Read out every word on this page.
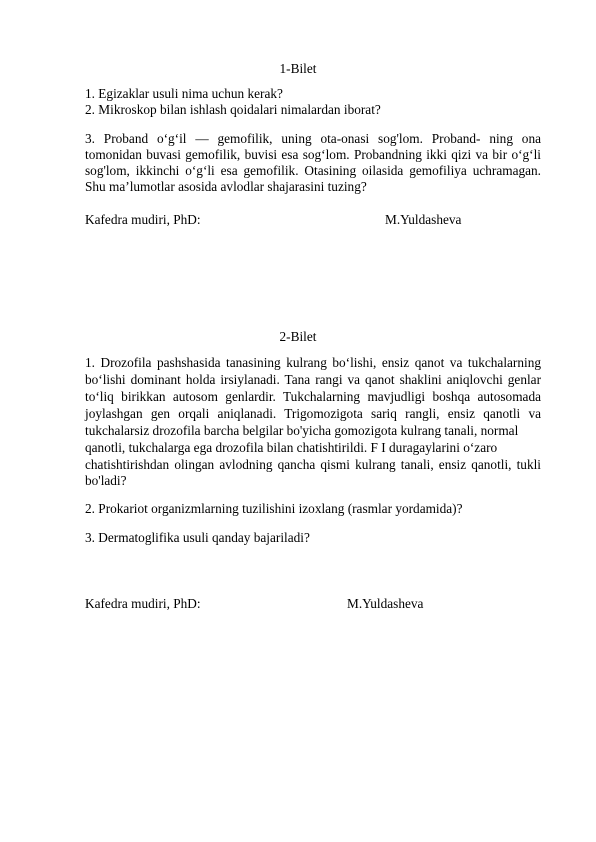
1-Bilet
1. Egizaklar usuli nima uchun kerak?
2. Mikroskop bilan ishlash qoidalari nimalardan iborat?

3. Proband o‘g‘il — gemofilik, uning ota-onasi sog'lom. Proband- ning ona tomonidan buvasi gemofilik, buvisi esa sog‘lom. Probandning ikki qizi va bir o‘g‘li sog'lom, ikkinchi o‘g‘li esa gemofilik. Otasining oilasida gemofiliya uchramagan. Shu ma’lumotlar asosida avlodlar shajarasini tuzing?

Kafedra mudiri, PhD:	M.Yuldasheva
2-Bilet
1. Drozofila pashshasida tanasining kulrang bo‘lishi, ensiz qanot va tukchalarning
bo‘lishi dominant holda irsiylanadi. Tana rangi va qanot shaklini aniqlovchi genlar
to‘liq birikkan autosom genlardir. Tukchalarning mavjudligi boshqa autosomada
joylashgan gen orqali aniqlanadi. Trigomozigota sariq rangli, ensiz qanotli va
tukchalarsiz drozofila barcha belgilar bo'yicha gomozigota kulrang tanali, normal
qanotli, tukchalarga ega drozofila bilan chatishtirildi. F I duragaylarini o‘zaro
chatishtirishdan olingan avlodning qancha qismi kulrang tanali, ensiz qanotli, tukli
bo'ladi?
2. Prokariot organizmlarning tuzilishini izoxlang (rasmlar yordamida)?
3. Dermatoglifika usuli qanday bajariladi?
Kafedra mudiri, PhD:	M.Yuldasheva
